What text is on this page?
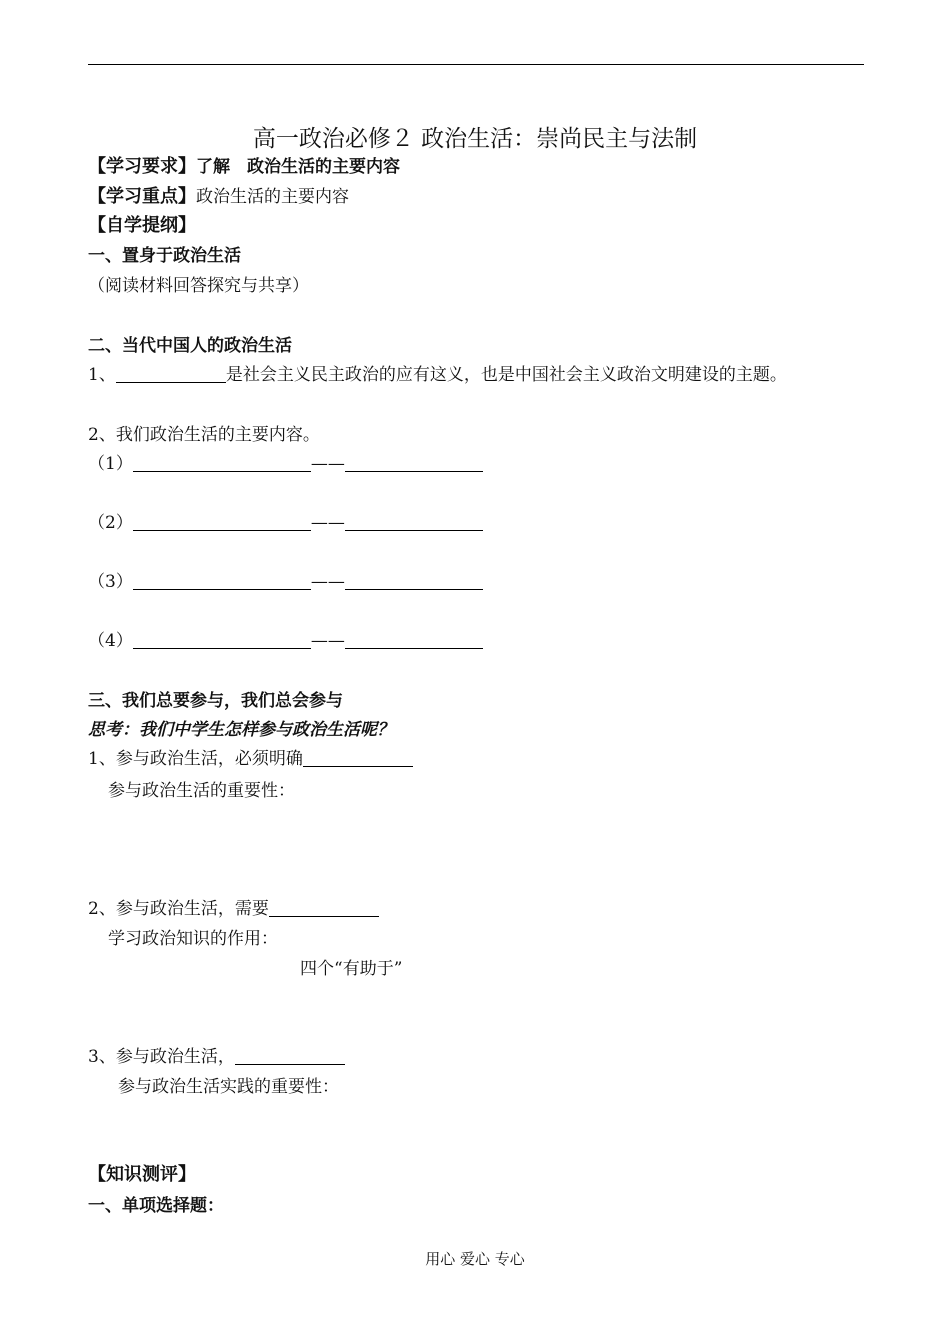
高一政治必修２ 政治生活：崇尚民主与法制
【学习要求】了解　政治生活的主要内容
【学习重点】政治生活的主要内容
【自学提纲】
一、置身于政治生活
（阅读材料回答探究与共享）
二、当代中国人的政治生活
1、	是社会主义民主政治的应有这义，也是中国社会主义政治文明建设的主题。
2、我们政治生活的主要内容。
（1）	——
（2）	——
（3）	——
（4）	——
三、我们总要参与，我们总会参与
思考：我们中学生怎样参与政治生活呢？
1、参与政治生活，必须明确
参与政治生活的重要性：
2、参与政治生活，需要
学习政治知识的作用：
四个“有助于”
3、参与政治生活，
参与政治生活实践的重要性：
【知识测评】
一、单项选择题：
用心 爱心 专心
